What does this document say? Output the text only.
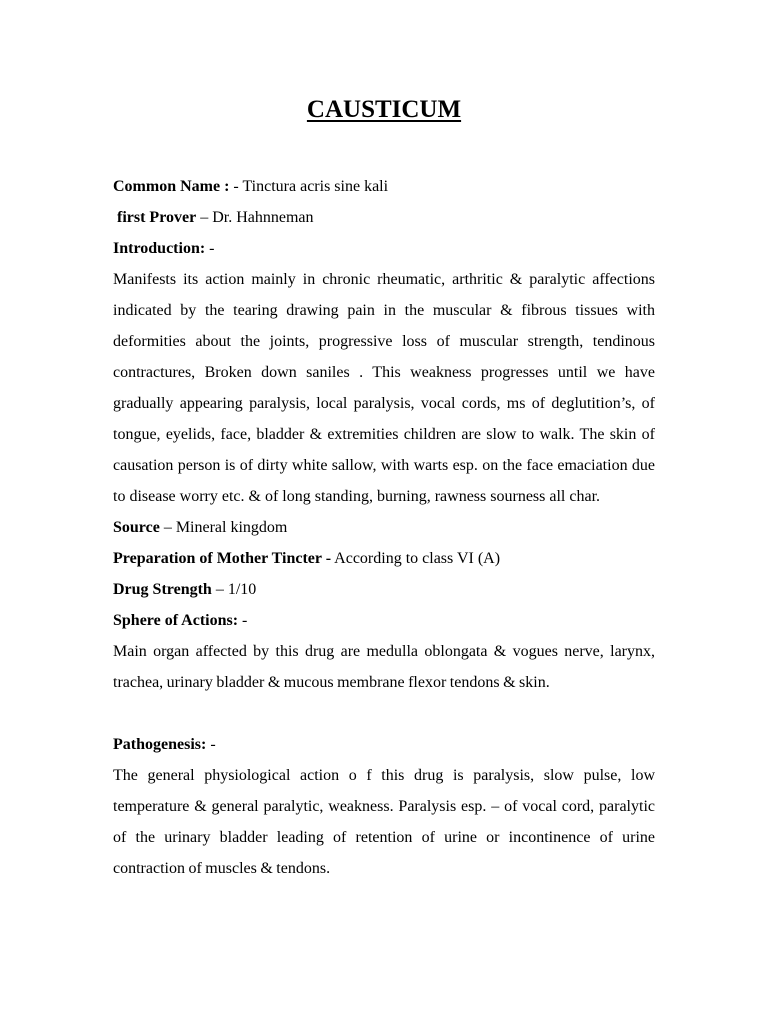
CAUSTICUM

Common Name : - Tinctura acris sine kali

first Prover – Dr. Hahnneman

Introduction: -

Manifests its action mainly in chronic rheumatic, arthritic & paralytic affections indicated by the tearing drawing pain in the muscular & fibrous tissues with deformities about the joints, progressive loss of muscular strength, tendinous contractures, Broken down saniles . This weakness progresses until we have gradually appearing paralysis, local paralysis, vocal cords, ms of deglutition’s, of tongue, eyelids, face, bladder & extremities children are slow to walk. The skin of causation person is of dirty white sallow, with warts esp. on the face emaciation due to disease worry etc. & of long standing, burning, rawness sourness all char.

Source – Mineral kingdom

Preparation of Mother Tincter - According to class VI (A)

Drug Strength – 1/10

Sphere of Actions: -

Main organ affected by this drug are medulla oblongata & vogues nerve, larynx, trachea, urinary bladder & mucous membrane flexor tendons & skin.

Pathogenesis: -

The general physiological action o f this drug is paralysis, slow pulse, low temperature & general paralytic, weakness. Paralysis esp. – of vocal cord, paralytic of the urinary bladder leading of retention of urine or incontinence of urine contraction of muscles & tendons.
